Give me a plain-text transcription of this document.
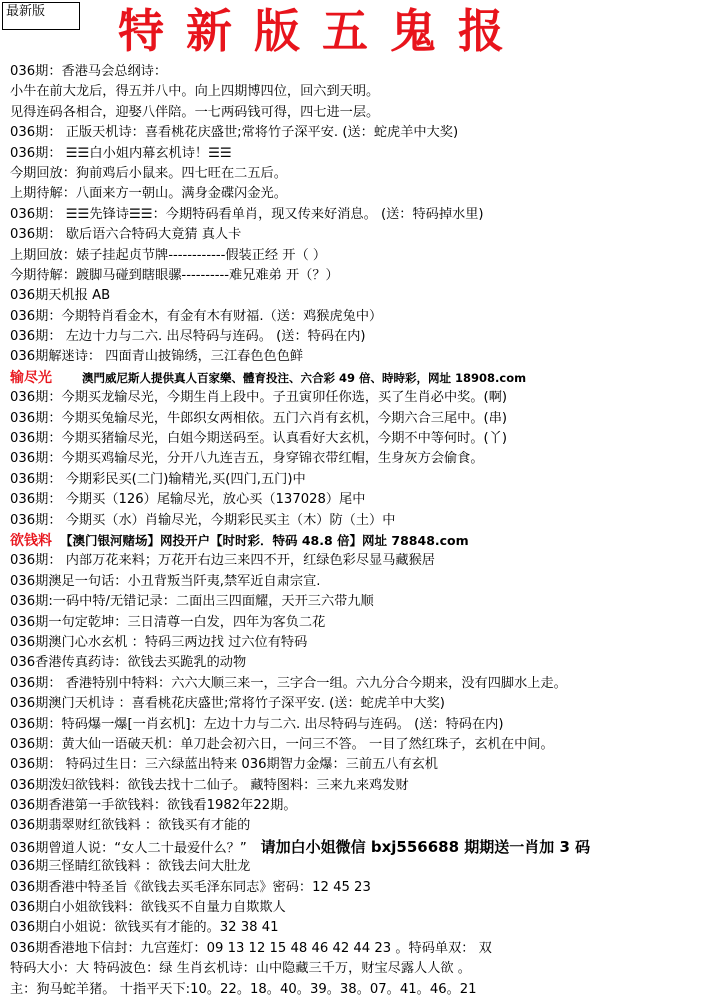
最新版	特新版五鬼报
036期：香港马会总纲诗：
小牛在前大龙后，得五并八中。向上四期博四位，回六到天明。
见得连码各相合，迎娶八伴陪。一七两码钱可得，四七进一层。
036期： 正版天机诗：喜看桃花庆盛世;常将竹子深平安. (送：蛇虎羊中大奖)
036期： ☰☰白小姐内幕玄机诗！☰☰
今期回放：狗前鸡后小鼠来。四七旺在二五后。
上期待解：八面来方一朝山。满身金碟闪金光。
036期： ☰☰先锋诗☰☰：今期特码看单肖，现又传来好消息。 (送：特码掉水里)
036期： 歇后语六合特码大竟猜 真人卡
上期回放：婊子挂起贞节牌------------假装正经 开（ ）
今期待解：踱脚马碰到瞎眼骡----------难兄难弟 开（？）
036期天机报 AB
036期：今期特肖看金木，有金有木有财福.（送：鸡猴虎兔中）
036期： 左边十力与二六. 出尽特码与连码。 (送：特码在内)
036期解迷诗： 四面青山披锦绣，三江春色色色鲜
输尽光	澳門威尼斯人提供真人百家樂、體育投注、六合彩 49 倍、時時彩，网址 18908.com
036期：今期买龙输尽光，今期生肖上段中。子丑寅卯任你选，买了生肖必中奖。(啊)
036期：今期买兔输尽光，牛郎织女两相依。五门六肖有玄机，今期六合三尾中。(串)
036期：今期买猪输尽光，白姐今期送码至。认真看好大玄机，今期不中等何时。(丫)
036期：今期买鸡输尽光，分开八九连吉五，身穿锦衣带红帽，生身灰方会偷食。
036期： 今期彩民买(二门)输精光,买(四门,五门)中
036期： 今期买（126）尾输尽光，放心买（137028）尾中
036期： 今期买（水）肖输尽光，今期彩民买主（木）防（土）中
欲钱料 【澳门银河赌场】网投开户【时时彩．特码 48.8 倍】网址 78848.com
036期： 内部万花来料；万花开右边三来四不开，红绿色彩尽显马藏猴居
036期澳足一句话：小丑背叛当阡夷,禁军近自肃宗宣.
036期:一码中特/无错记录：二面出三四面耀，天开三六带九顺
036期一句定乾坤：三日清尊一白发，四年为客负二花
036期澳门心水玄机 ：特码三两边找 过六位有特码
036香港传真药诗：欲钱去买跪乳的动物
036期： 香港特别中特料：六六大顺三来一，三字合一组。六九分合今期来，没有四脚水上走。
036期澳门天机诗 ：喜看桃花庆盛世;常将竹子深平安. (送：蛇虎羊中大奖)
036期：特码爆一爆[一肖玄机]：左边十力与二六. 出尽特码与连码。 (送：特码在内)
036期：黄大仙一语破天机：单刀赴会初六日，一问三不答。 一目了然红珠子，玄机在中间。
036期： 特码过生日：三六绿蓝出特来 036期智力金爆：三前五八有玄机
036期泼妇欲钱料：欲钱去找十二仙子。 藏特图料：三来九来鸡发财
036期香港第一手欲钱料：欲钱看1982年22期。
036期翡翠财红欲钱料 ：欲钱买有才能的
036期曾道人说：“女人二十最爱什么？” 请加白小姐微信 bxj556688 期期送一肖加 3 码
036期三怪睛红欲钱料 ：欲钱去问大肚龙
036期香港中特圣旨《欲钱去买毛泽东同志》密码：12 45 23
036期白小姐欲钱料：欲钱买不自量力自欺欺人
036期白小姐说：欲钱买有才能的。32 38 41
036期香港地下信封：九宫莲灯：09 13 12 15 48 46 42 44 23 。特码单双： 双
特码大小：大 特码波色：绿 生肖玄机诗：山中隐藏三千万，财宝尽露人人欲 。
主：狗马蛇羊猪。 十指平天下:10。22。18。40。39。38。07。41。46。21
